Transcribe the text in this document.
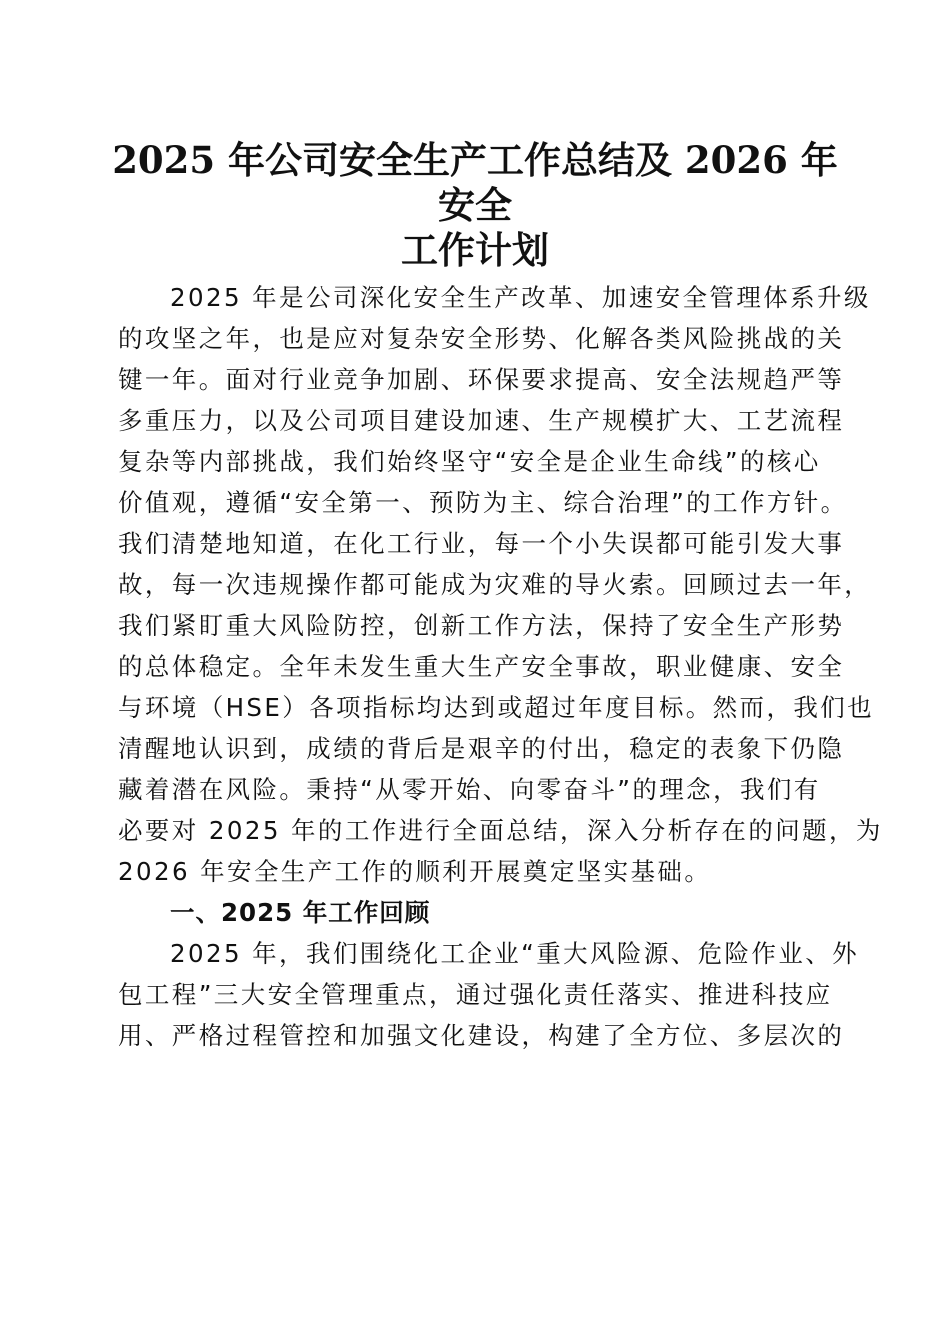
2025 年公司安全生产工作总结及 2026 年安全
工作计划
2025 年是公司深化安全生产改革、加速安全管理体系升级
的攻坚之年，也是应对复杂安全形势、化解各类风险挑战的关
键一年。面对行业竞争加剧、环保要求提高、安全法规趋严等
多重压力，以及公司项目建设加速、生产规模扩大、工艺流程
复杂等内部挑战，我们始终坚守“安全是企业生命线”的核心
价值观，遵循“安全第一、预防为主、综合治理”的工作方针。
我们清楚地知道，在化工行业，每一个小失误都可能引发大事
故，每一次违规操作都可能成为灾难的导火索。回顾过去一年，
我们紧盯重大风险防控，创新工作方法，保持了安全生产形势
的总体稳定。全年未发生重大生产安全事故，职业健康、安全
与环境（HSE）各项指标均达到或超过年度目标。然而，我们也
清醒地认识到，成绩的背后是艰辛的付出，稳定的表象下仍隐
藏着潜在风险。秉持“从零开始、向零奋斗”的理念，我们有
必要对 2025 年的工作进行全面总结，深入分析存在的问题，为
2026 年安全生产工作的顺利开展奠定坚实基础。
一、2025 年工作回顾
2025 年，我们围绕化工企业“重大风险源、危险作业、外
包工程”三大安全管理重点，通过强化责任落实、推进科技应
用、严格过程管控和加强文化建设，构建了全方位、多层次的
